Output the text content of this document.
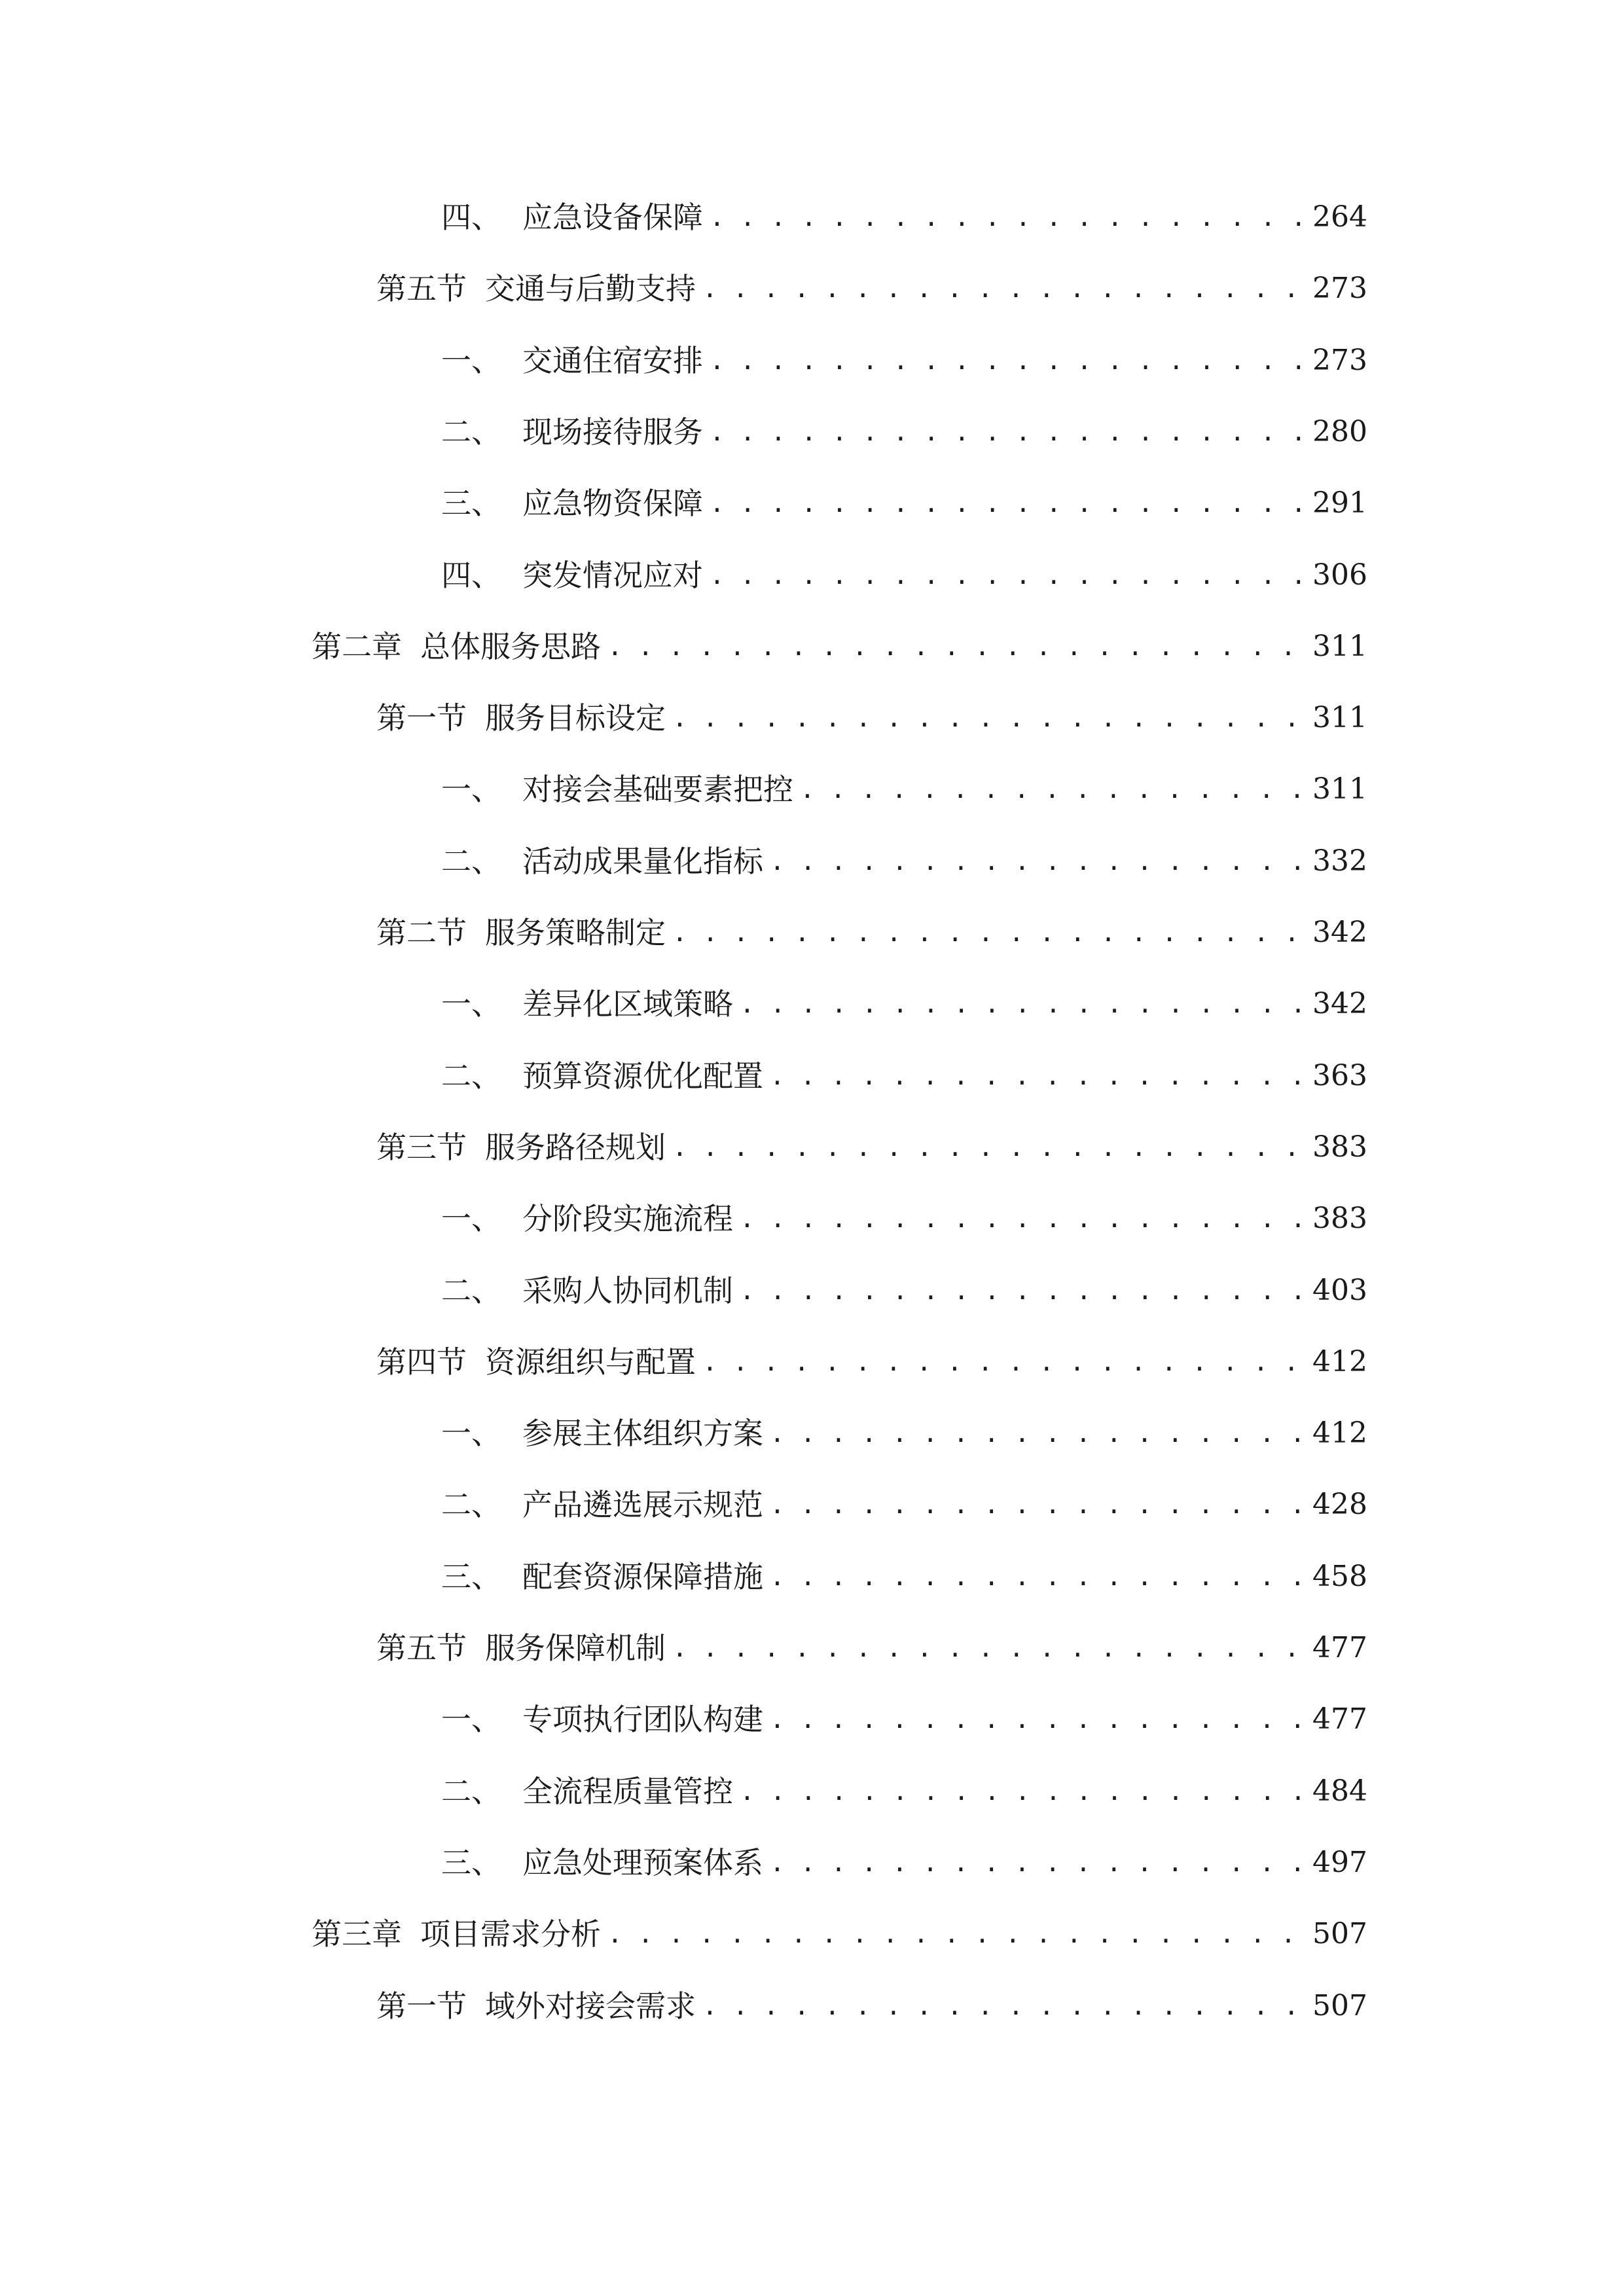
四、 应急设备保障 . . .	264
第五节 交通与后勤支持 . . .	273
一、 交通住宿安排 . . .	273
二、 现场接待服务 . . .	280
三、 应急物资保障 . . .	291
四、 突发情况应对 . . .	306
第二章 总体服务思路 . . .	311
第一节 服务目标设定 . . .	311
一、 对接会基础要素把控 . . .	311
二、 活动成果量化指标 . . .	332
第二节 服务策略制定 . . .	342
一、 差异化区域策略 . . .	342
二、 预算资源优化配置 . . .	363
第三节 服务路径规划 . . .	383
一、 分阶段实施流程 . . .	383
二、 采购人协同机制 . . .	403
第四节 资源组织与配置 . . .	412
一、 参展主体组织方案 . . .	412
二、 产品遴选展示规范 . . .	428
三、 配套资源保障措施 . . .	458
第五节 服务保障机制 . . .	477
一、 专项执行团队构建 . . .	477
二、 全流程质量管控 . . .	484
三、 应急处理预案体系 . . .	497
第三章 项目需求分析 . . .	507
第一节 域外对接会需求 . . .	507
